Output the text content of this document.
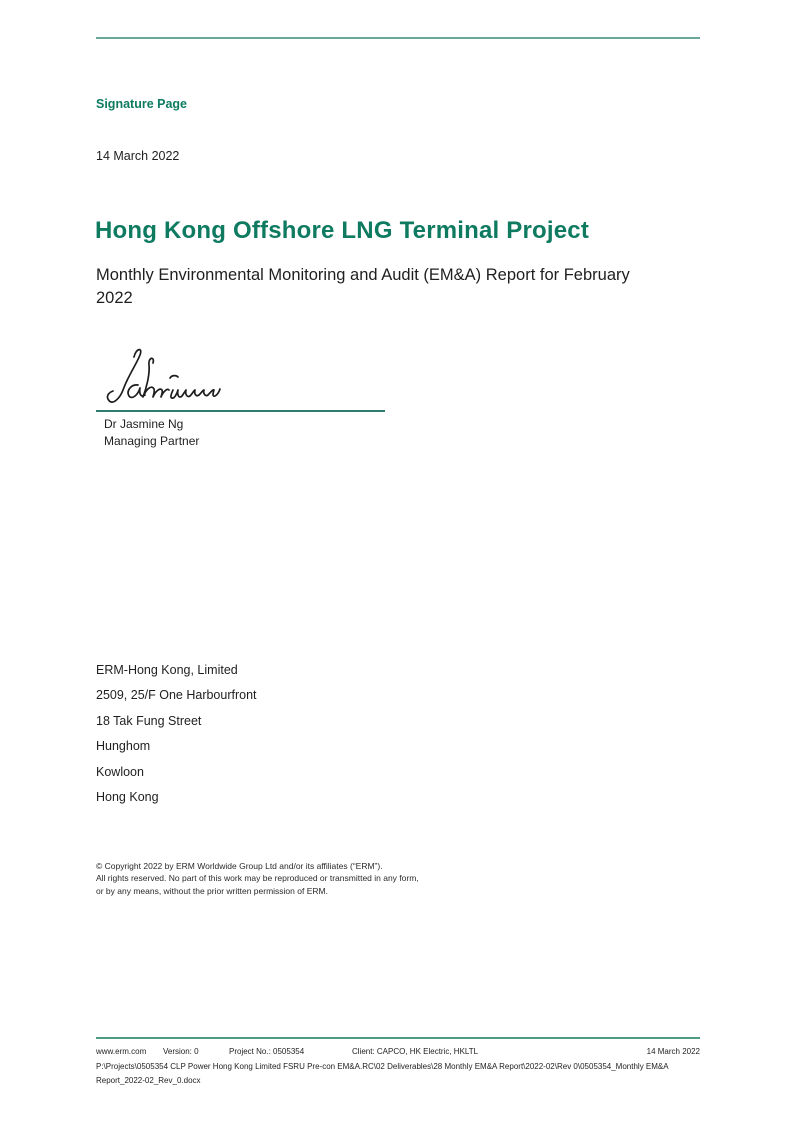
Signature Page
14 March 2022
Hong Kong Offshore LNG Terminal Project
Monthly Environmental Monitoring and Audit (EM&A) Report for February 2022
Dr Jasmine Ng
Managing Partner
ERM-Hong Kong, Limited
2509, 25/F One Harbourfront
18 Tak Fung Street
Hunghom
Kowloon
Hong Kong
© Copyright 2022 by ERM Worldwide Group Ltd and/or its affiliates (“ERM”).
All rights reserved. No part of this work may be reproduced or transmitted in any form,
or by any means, without the prior written permission of ERM.
www.erm.com Version: 0	Project No.: 0505354	Client: CAPCO, HK Electric, HKLTL	14 March 2022
P:\Projects\0505354 CLP Power Hong Kong Limited FSRU Pre-con EM&A.RC\02 Deliverables\28 Monthly EM&A Report\2022-02\Rev 0\0505354_Monthly EM&A Report_2022-02_Rev_0.docx
